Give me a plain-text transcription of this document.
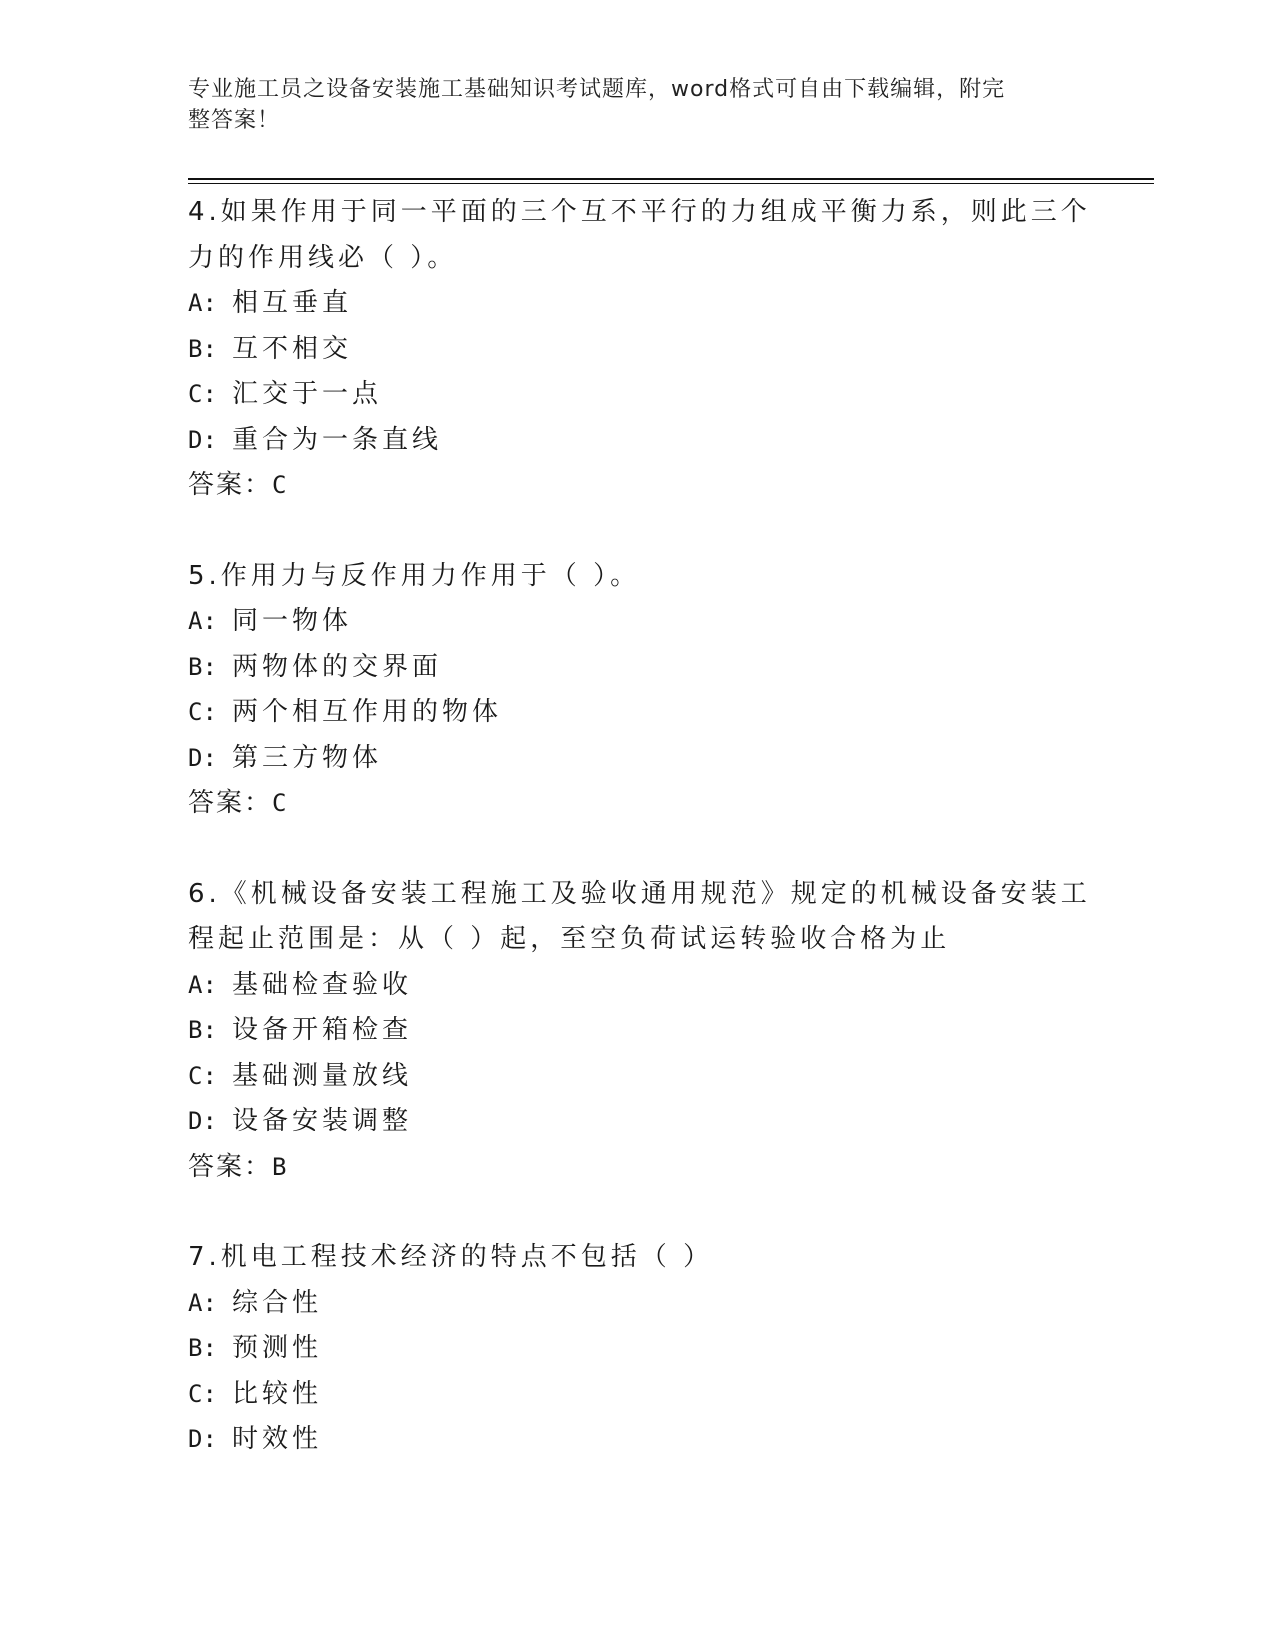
专业施工员之设备安装施工基础知识考试题库，word格式可自由下载编辑，附完

整答案！

4.如果作用于同一平面的三个互不平行的力组成平衡力系，则此三个

力的作用线必（ ）。

A: 相互垂直

B: 互不相交

C: 汇交于一点

D: 重合为一条直线

答案：C

5.作用力与反作用力作用于（ ）。

A: 同一物体

B: 两物体的交界面

C: 两个相互作用的物体

D: 第三方物体

答案：C

6.《机械设备安装工程施工及验收通用规范》规定的机械设备安装工

程起止范围是：从（ ）起，至空负荷试运转验收合格为止

A: 基础检查验收

B: 设备开箱检查

C: 基础测量放线

D: 设备安装调整

答案：B

7.机电工程技术经济的特点不包括（ ）

A: 综合性

B: 预测性

C: 比较性

D: 时效性
